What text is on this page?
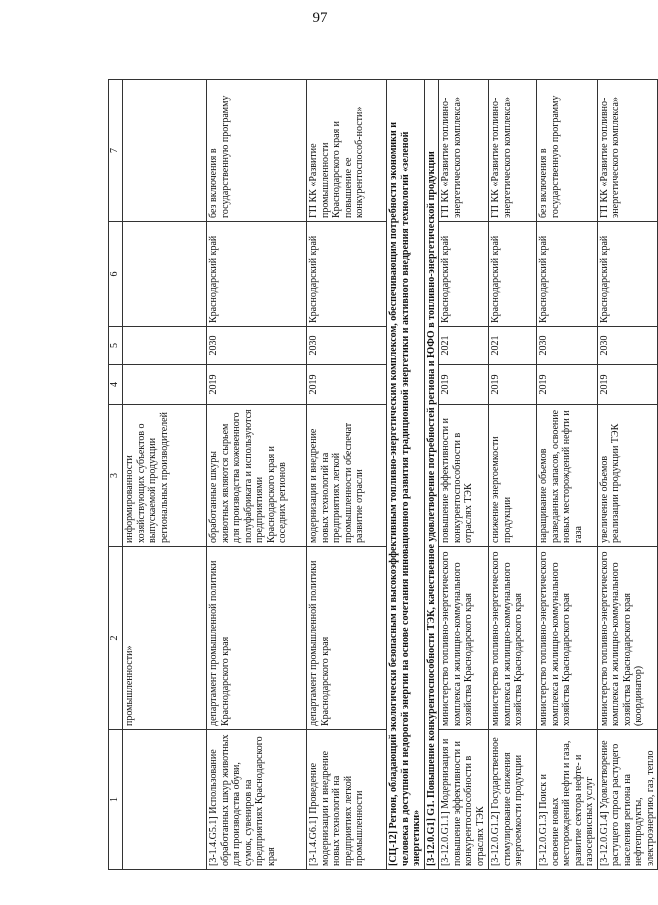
97
1	2	3	4	5	6	7
	промышленности»	информированности хозяйствующих субъектов о выпускаемой продукции региональных производителей				
[3-1.4.G5.1] Использование обработанных шкур животных для производства обуви, сумок, сувениров на предприятиях Краснодарского края	департамент промышленной политики Краснодарского края	обработанные шкуры животных являются сырьем для производства кожевенного полуфабриката и используются предприятиями Краснодарского края и соседних регионов	2019	2030	Краснодарский край	без включения в государственную программу
[3-1.4.G6.1] Проведение модернизации и внедрение новых технологий на предприятиях легкой промышленности	департамент промышленной политики Краснодарского края	модернизация и внедрение новых технологий на предприятиях легкой промышленности обеспечат развитие отрасли	2019	2030	Краснодарский край	ГП КК «Развитие промышленности Краснодарского края и повышение ее конкурентоспособ-ности»
[СЦ-12] Регион, обладающий экологически безопасным и высокоэффективным топливно-энергетическим комплексом, обеспечивающим потребности экономики и человека в доступной и недорогой энергии на основе сочетания инновационного развития традиционной энергетики и активного внедрения технологий «зеленой энергетики»						
[3-12.0.G1] G1. Повышение конкурентоспособности ТЭК, качественное удовлетворение потребностей региона и ЮФО в топливно-энергетической продукции						
[3-12.0.G1.1] Модернизация и повышение эффективности и конкурентоспособности в отраслях ТЭК	министерство топливно-энергетического комплекса и жилищно-коммунального хозяйства Краснодарского края	повышение эффективности и конкурентоспособности в отраслях ТЭК	2019	2021	Краснодарский край	ГП КК «Развитие топливно-энергетического комплекса»
[3-12.0.G1.2] Государственное стимулирование снижения энергоемкости продукции	министерство топливно-энергетического комплекса и жилищно-коммунального хозяйства Краснодарского края	снижение энергоемкости продукции	2019	2021	Краснодарский край	ГП КК «Развитие топливно-энергетического комплекса»
[3-12.0.G1.3] Поиск и освоение новых месторождений нефти и газа, развитие сектора нефте- и газосервисных услуг	министерство топливно-энергетического комплекса и жилищно-коммунального хозяйства Краснодарского края	наращивание объемов разведанных запасов, освоение новых месторождений нефти и газа	2019	2030	Краснодарский край	без включения в государственную программу
[3-12.0.G1.4] Удовлетворение растущего спроса растущего населения региона на нефтепродукты, электроэнергию, газ, тепло	министерство топливно-энергетического комплекса и жилищно-коммунального хозяйства Краснодарского края (координатор)	увеличение объемов реализации продукции ТЭК	2019	2030	Краснодарский край	ГП КК «Развитие топливно-энергетического комплекса»
